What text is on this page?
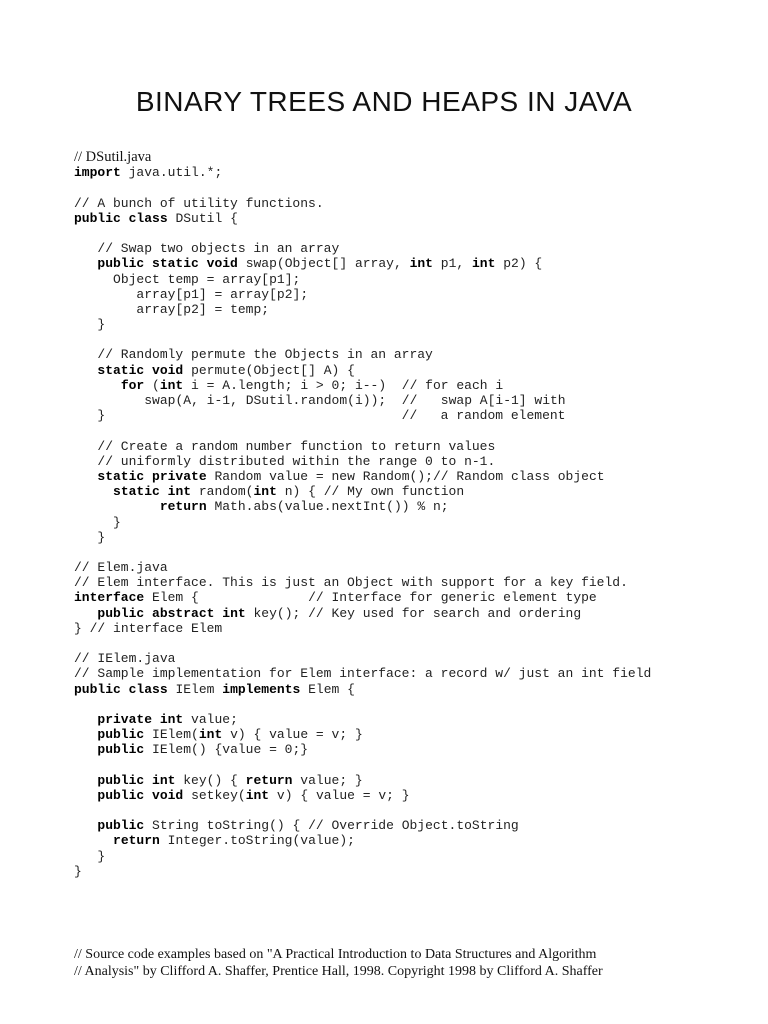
BINARY TREES AND HEAPS IN JAVA
// DSutil.java
import java.util.*;

// A bunch of utility functions.
public class DSutil {

// Swap two objects in an array
public static void swap(Object[] array, int p1, int p2) {
Object temp = array[p1];
array[p1] = array[p2];
array[p2] = temp;
}

// Randomly permute the Objects in an array
static void permute(Object[] A) {
for (int i = A.length; i > 0; i--)  // for each i
swap(A, i-1, DSutil.random(i));  //   swap A[i-1] with
}                                      //   a random element

// Create a random number function to return values
// uniformly distributed within the range 0 to n-1.
static private Random value = new Random();// Random class object
static int random(int n) { // My own function
return Math.abs(value.nextInt()) % n;
}
}

// Elem.java
// Elem interface. This is just an Object with support for a key field.
interface Elem {              // Interface for generic element type
public abstract int key(); // Key used for search and ordering
} // interface Elem

// IElem.java
// Sample implementation for Elem interface: a record w/ just an int field
public class IElem implements Elem {

private int value;
public IElem(int v) { value = v; }
public IElem() {value = 0;}

public int key() { return value; }
public void setkey(int v) { value = v; }

public String toString() { // Override Object.toString
return Integer.toString(value);
}
}
// Source code examples based on "A Practical Introduction to Data Structures and Algorithm
// Analysis" by Clifford A. Shaffer, Prentice Hall, 1998. Copyright 1998 by Clifford A. Shaffer
